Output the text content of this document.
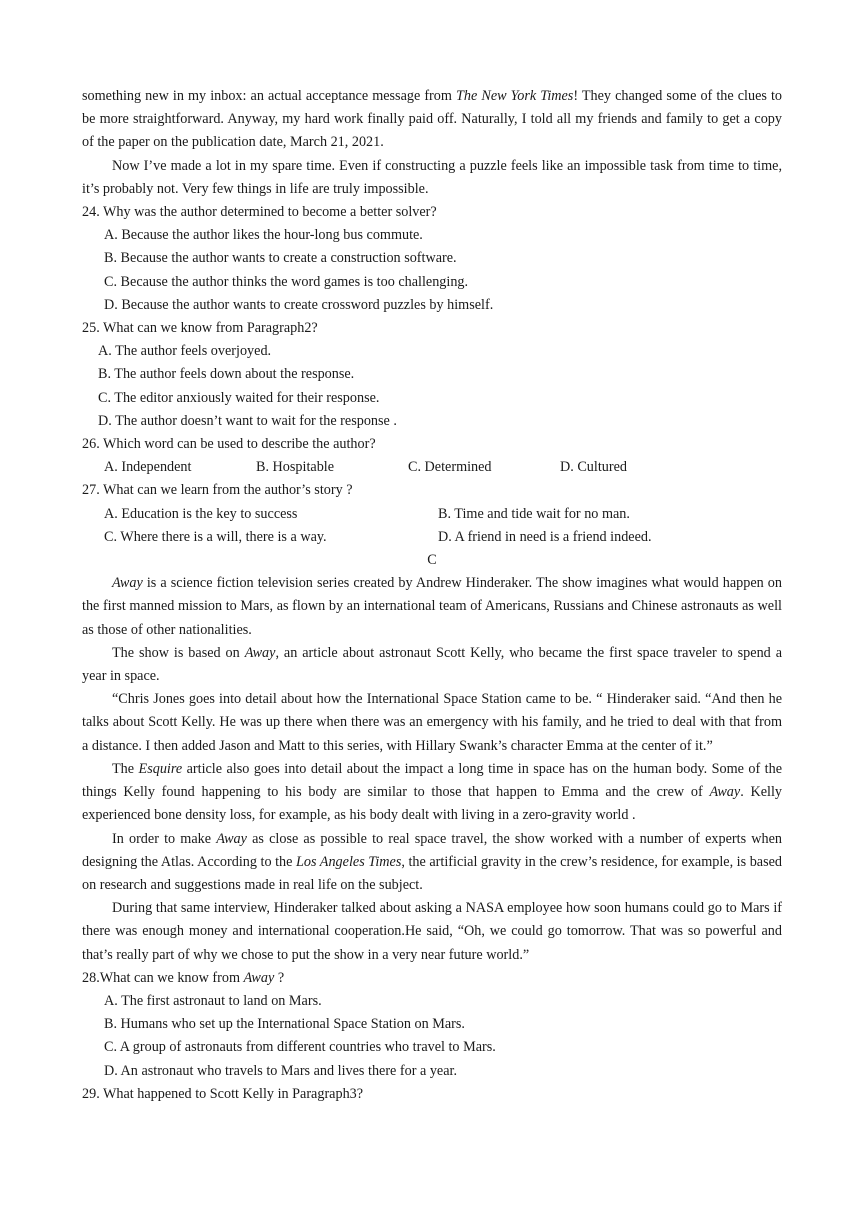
something new in my inbox: an actual acceptance message from The New York Times! They changed some of the clues to be more straightforward. Anyway, my hard work finally paid off. Naturally, I told all my friends and family to get a copy of the paper on the publication date, March 21, 2021.

Now I’ve made a lot in my spare time. Even if constructing a puzzle feels like an impossible task from time to time, it’s probably not. Very few things in life are truly impossible.

24. Why was the author determined to become a better solver?

A. Because the author likes the hour-long bus commute.

B. Because the author wants to create a construction software.

C. Because the author thinks the word games is too challenging.

D. Because the author wants to create crossword puzzles by himself.

25. What can we know from Paragraph2?

A. The author feels overjoyed.

B. The author feels down about the response.

C. The editor anxiously waited for their response.

D. The author doesn’t want to wait for the response .

26. Which word can be used to describe the author?

A. Independent	B. Hospitable	C. Determined	D. Cultured

27. What can we learn from the author’s story ?

A. Education is the key to success	B. Time and tide wait for no man.
C. Where there is a will, there is a way.	D. A friend in need is a friend indeed.

C

Away is a science fiction television series created by Andrew Hinderaker. The show imagines what would happen on the first manned mission to Mars, as flown by an international team of Americans, Russians and Chinese astronauts as well as those of other nationalities.

The show is based on Away, an article about astronaut Scott Kelly, who became the first space traveler to spend a year in space.

“Chris Jones goes into detail about how the International Space Station came to be. “ Hinderaker said. “And then he talks about Scott Kelly. He was up there when there was an emergency with his family, and he tried to deal with that from a distance. I then added Jason and Matt to this series, with Hillary Swank’s character Emma at the center of it.”

The Esquire article also goes into detail about the impact a long time in space has on the human body. Some of the things Kelly found happening to his body are similar to those that happen to Emma and the crew of Away. Kelly experienced bone density loss, for example, as his body dealt with living in a zero-gravity world .

In order to make Away as close as possible to real space travel, the show worked with a number of experts when designing the Atlas. According to the Los Angeles Times, the artificial gravity in the crew’s residence, for example, is based on research and suggestions made in real life on the subject.

During that same interview, Hinderaker talked about asking a NASA employee how soon humans could go to Mars if there was enough money and international cooperation.He said, “Oh, we could go tomorrow. That was so powerful and that’s really part of why we chose to put the show in a very near future world.”

28.What can we know from Away ?

A. The first astronaut to land on Mars.

B. Humans who set up the International Space Station on Mars.

C. A group of astronauts from different countries who travel to Mars.

D. An astronaut who travels to Mars and lives there for a year.

29. What happened to Scott Kelly in Paragraph3?
